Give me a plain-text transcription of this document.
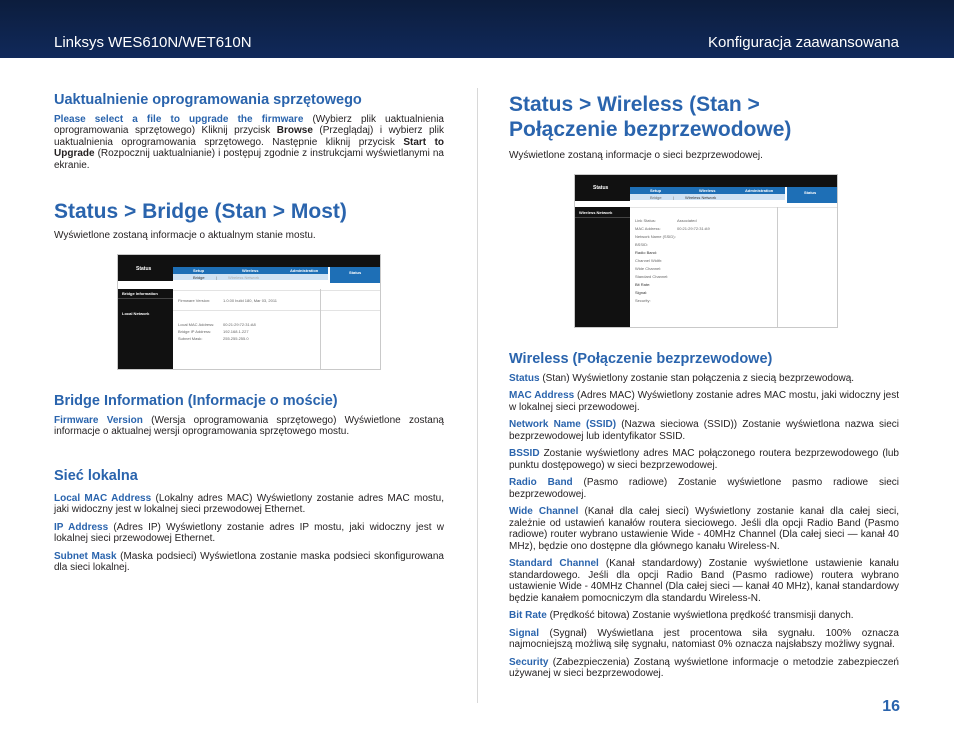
Linksys WES610N/WET610N	Konfiguracja zaawansowana
Uaktualnienie oprogramowania sprzętowego

Please select a file to upgrade the firmware (Wybierz plik uaktualnienia oprogramowania sprzętowego) Kliknij przycisk Browse (Przeglądaj) i wybierz plik uaktualnienia oprogramowania sprzętowego. Następnie kliknij przycisk Start to Upgrade (Rozpocznij uaktualnianie) i postępuj zgodnie z instrukcjami wyświetlanymi na ekranie.

Status > Bridge (Stan > Most)

Wyświetlone zostaną informacje o aktualnym stanie mostu.

Status	Setup	Wireless	Administration	Status
Bridge	|	Wireless Network
Bridge Information
Local Network
Firmware Version:	1.0.00 build 180, Mar 03, 2011
Local MAC Address: 00:21:29:72:31:A8
Bridge IP Address:	192.168.1.227
Subnet Mask:	255.255.255.0
Bridge Information (Informacje o moście)

Firmware Version (Wersja oprogramowania sprzętowego) Wyświetlone zostaną informacje o aktualnej wersji oprogramowania sprzętowego mostu.

Sieć lokalna

Local MAC Address (Lokalny adres MAC) Wyświetlony zostanie adres MAC mostu, jaki widoczny jest w lokalnej sieci przewodowej Ethernet.

IP Address (Adres IP) Wyświetlony zostanie adres IP mostu, jaki widoczny jest w lokalnej sieci przewodowej Ethernet.

Subnet Mask (Maska podsieci) Wyświetlona zostanie maska podsieci skonfigurowana dla sieci lokalnej.

Status > Wireless (Stan > Połączenie bezprzewodowe)

Wyświetlone zostaną informacje o sieci bezprzewodowej.

Status	Setup	Wireless	Administration	Status
Bridge	|	Wireless Network
Wireless Network
Link Status:	Associated
MAC Address:	00:21:29:72:31:A9
Network Name (SSID):
BSSID:
Radio Band:
Channel Width:
Wide Channel:
Standard Channel:
Bit Rate:
Signal:
Security:
Wireless (Połączenie bezprzewodowe)

Status (Stan) Wyświetlony zostanie stan połączenia z siecią bezprzewodową.

MAC Address (Adres MAC) Wyświetlony zostanie adres MAC mostu, jaki widoczny jest w lokalnej sieci przewodowej.

Network Name (SSID) (Nazwa sieciowa (SSID)) Zostanie wyświetlona nazwa sieci bezprzewodowej lub identyfikator SSID.

BSSID Zostanie wyświetlony adres MAC połączonego routera bezprzewodowego (lub punktu dostępowego) w sieci bezprzewodowej.

Radio Band (Pasmo radiowe) Zostanie wyświetlone pasmo radiowe sieci bezprzewodowej.

Wide Channel (Kanał dla całej sieci) Wyświetlony zostanie kanał dla całej sieci, zależnie od ustawień kanałów routera sieciowego. Jeśli dla opcji Radio Band (Pasmo radiowe) router wybrano ustawienie Wide - 40MHz Channel (Dla całej sieci — kanał 40 MHz), będzie ono dostępne dla głównego kanału Wireless-N.

Standard Channel (Kanał standardowy) Zostanie wyświetlone ustawienie kanału standardowego. Jeśli dla opcji Radio Band (Pasmo radiowe) routera wybrano ustawienie Wide - 40MHz Channel (Dla całej sieci — kanał 40 MHz), kanał standardowy będzie kanałem pomocniczym dla standardu Wireless-N.

Bit Rate (Prędkość bitowa) Zostanie wyświetlona prędkość transmisji danych.

Signal (Sygnał) Wyświetlana jest procentowa siła sygnału. 100% oznacza najmocniejszą możliwą siłę sygnału, natomiast 0% oznacza najsłabszy możliwy sygnał.

Security (Zabezpieczenia) Zostaną wyświetlone informacje o metodzie zabezpieczeń używanej w sieci bezprzewodowej.

16
